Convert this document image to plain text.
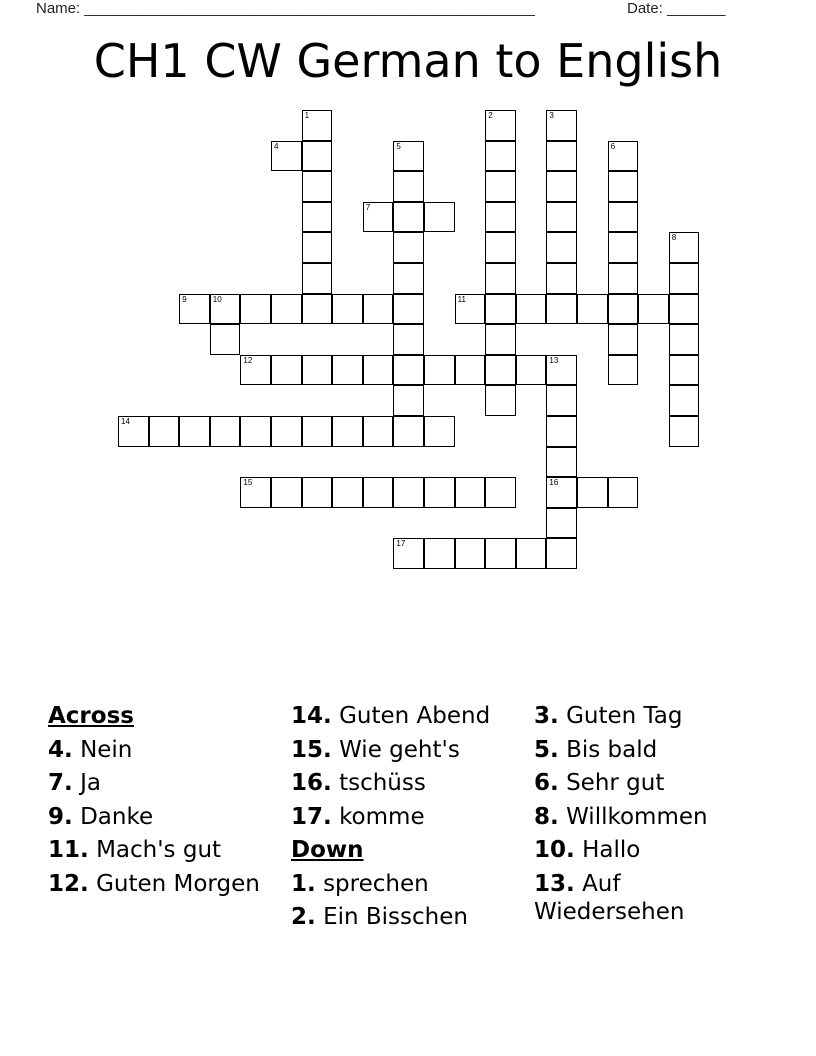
Name: ______________________________________________________	Date: _______
CH1 CW German to English
1	2	3
4	5	6
7
8
9	10	11
12	13
16
14
15
17
Across
4. Nein
7. Ja
9. Danke
11. Mach's gut
12. Guten Morgen
14. Guten Abend
15. Wie geht's
16. tschüss
17. komme
Down
1. sprechen
2. Ein Bisschen
3. Guten Tag
5. Bis bald
6. Sehr gut
8. Willkommen
10. Hallo
13. Auf Wiedersehen
